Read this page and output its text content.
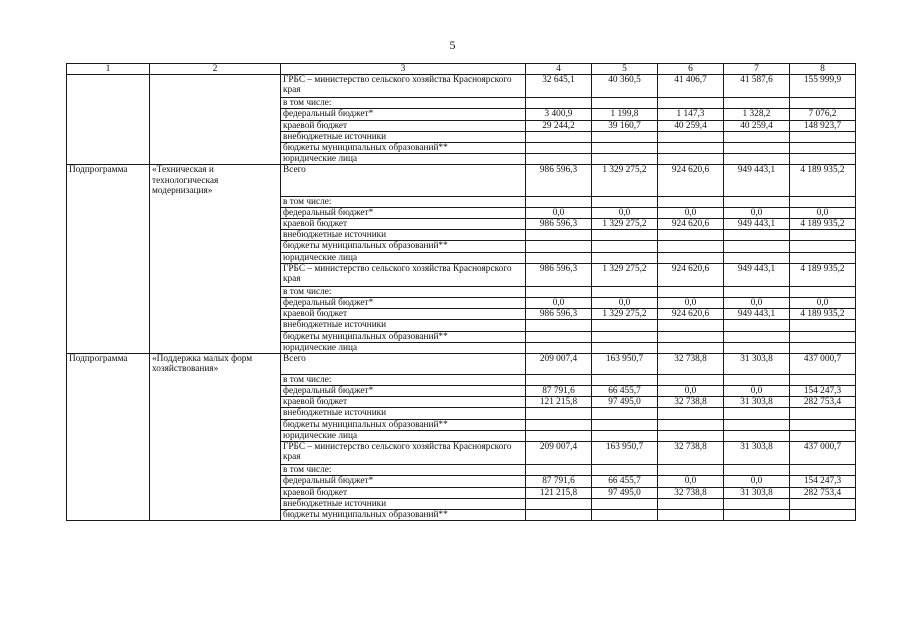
5
1	2	3	4	5	6	7	8
		ГРБС – министерство сельского хозяйства Красноярского края	32 645,1	40 360,5	41 406,7	41 587,6	155 999,9
		в том числе:					
		федеральный бюджет*	3 400,9	1 199,8	1 147,3	1 328,2	7 076,2
		краевой бюджет	29 244,2	39 160,7	40 259,4	40 259,4	148 923,7
		внебюджетные источники					
		бюджеты муниципальных образований**					
		юридические лица					
Подпрограмма	«Техническая и технологическая модернизация»	Всего	986 596,3	1 329 275,2	924 620,6	949 443,1	4 189 935,2
		в том числе:					
		федеральный бюджет*	0,0	0,0	0,0	0,0	0,0
		краевой бюджет	986 596,3	1 329 275,2	924 620,6	949 443,1	4 189 935,2
		внебюджетные источники					
		бюджеты муниципальных образований**					
		юридические лица					
		ГРБС – министерство сельского хозяйства Красноярского края	986 596,3	1 329 275,2	924 620,6	949 443,1	4 189 935,2
		в том числе:					
		федеральный бюджет*	0,0	0,0	0,0	0,0	0,0
		краевой бюджет	986 596,3	1 329 275,2	924 620,6	949 443,1	4 189 935,2
		внебюджетные источники					
		бюджеты муниципальных образований**					
		юридические лица					
Подпрограмма	«Поддержка малых форм хозяйствования»	Всего	209 007,4	163 950,7	32 738,8	31 303,8	437 000,7
		в том числе:					
		федеральный бюджет*	87 791,6	66 455,7	0,0	0,0	154 247,3
		краевой бюджет	121 215,8	97 495,0	32 738,8	31 303,8	282 753,4
		внебюджетные источники					
		бюджеты муниципальных образований**					
		юридические лица					
		ГРБС – министерство сельского хозяйства Красноярского края	209 007,4	163 950,7	32 738,8	31 303,8	437 000,7
		в том числе:					
		федеральный бюджет*	87 791,6	66 455,7	0,0	0,0	154 247,3
		краевой бюджет	121 215,8	97 495,0	32 738,8	31 303,8	282 753,4
		внебюджетные источники					
		бюджеты муниципальных образований**					
